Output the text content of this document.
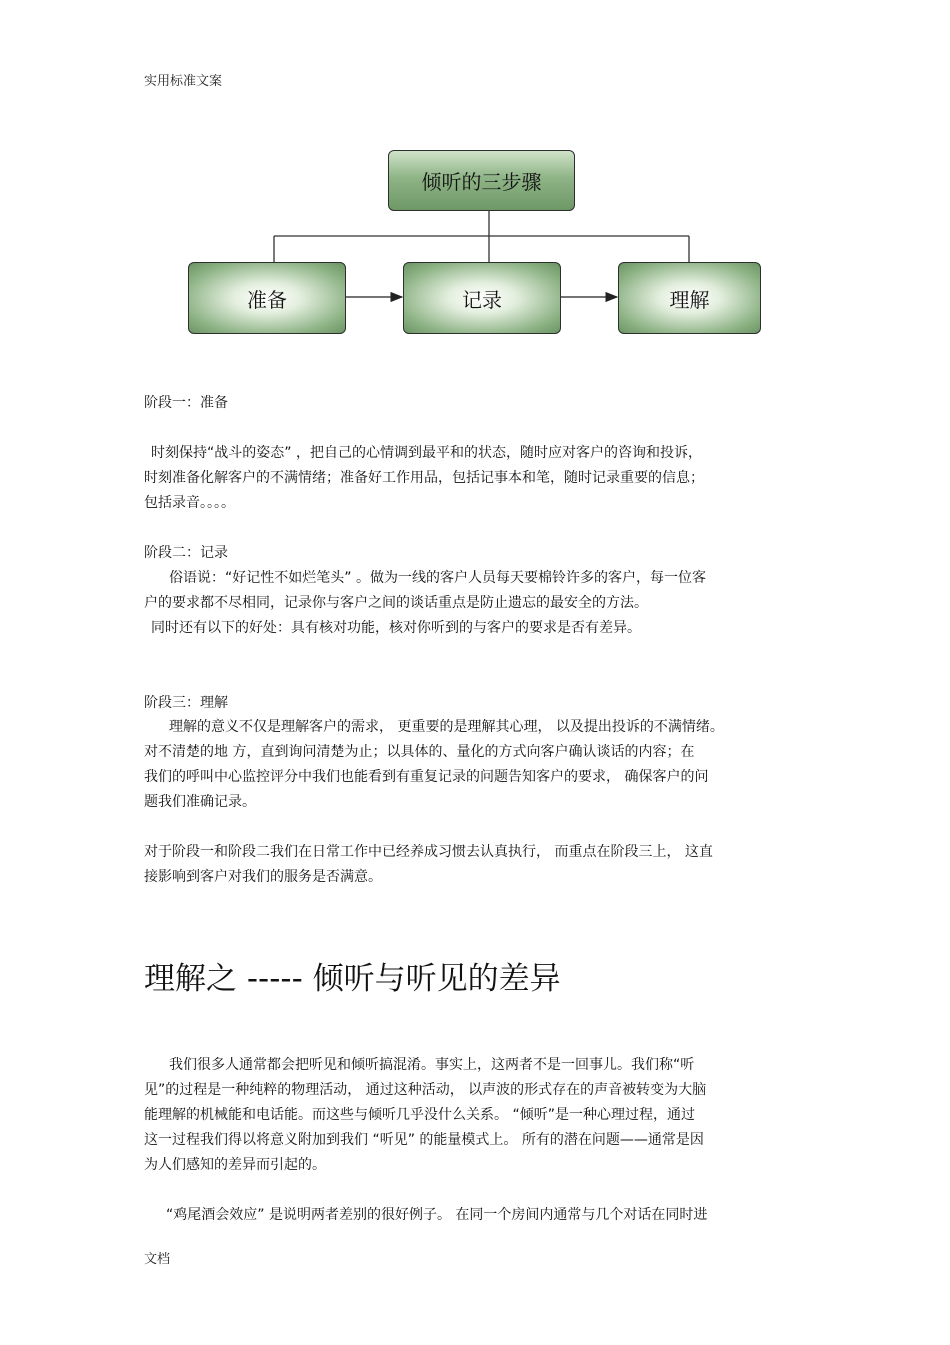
实用标准文案
倾听的三步骤
准备	记录	理解
阶段一：准备
时刻保持“战斗的姿态” ，把自己的心情调到最平和的状态，随时应对客户的咨询和投诉，
时刻准备化解客户的不满情绪；准备好工作用品，包括记事本和笔，随时记录重要的信息；
包括录音。。。。
阶段二：记录
俗语说：“好记性不如烂笔头” 。做为一线的客户人员每天要棉铃许多的客户，每一位客
户的要求都不尽相同，记录你与客户之间的谈话重点是防止遗忘的最安全的方法。
同时还有以下的好处：具有核对功能，核对你听到的与客户的要求是否有差异。
阶段三：理解
理解的意义不仅是理解客户的需求， 更重要的是理解其心理， 以及提出投诉的不满情绪。
对不清楚的地 方，直到询问清楚为止；以具体的、量化的方式向客户确认谈话的内容；在
我们的呼叫中心监控评分中我们也能看到有重复记录的问题告知客户的要求， 确保客户的问
题我们准确记录。
对于阶段一和阶段二我们在日常工作中已经养成习惯去认真执行， 而重点在阶段三上， 这直
接影响到客户对我们的服务是否满意。
理解之 ----- 倾听与听见的差异
我们很多人通常都会把听见和倾听搞混淆。事实上，这两者不是一回事儿。我们称“听
见”的过程是一种纯粹的物理活动， 通过这种活动， 以声波的形式存在的声音被转变为大脑
能理解的机械能和电话能。而这些与倾听几乎没什么关系。 “倾听”是一种心理过程，通过
这一过程我们得以将意义附加到我们 “听见” 的能量模式上。 所有的潜在问题——通常是因
为人们感知的差异而引起的。
“鸡尾酒会效应” 是说明两者差别的很好例子。 在同一个房间内通常与几个对话在同时进
文档
